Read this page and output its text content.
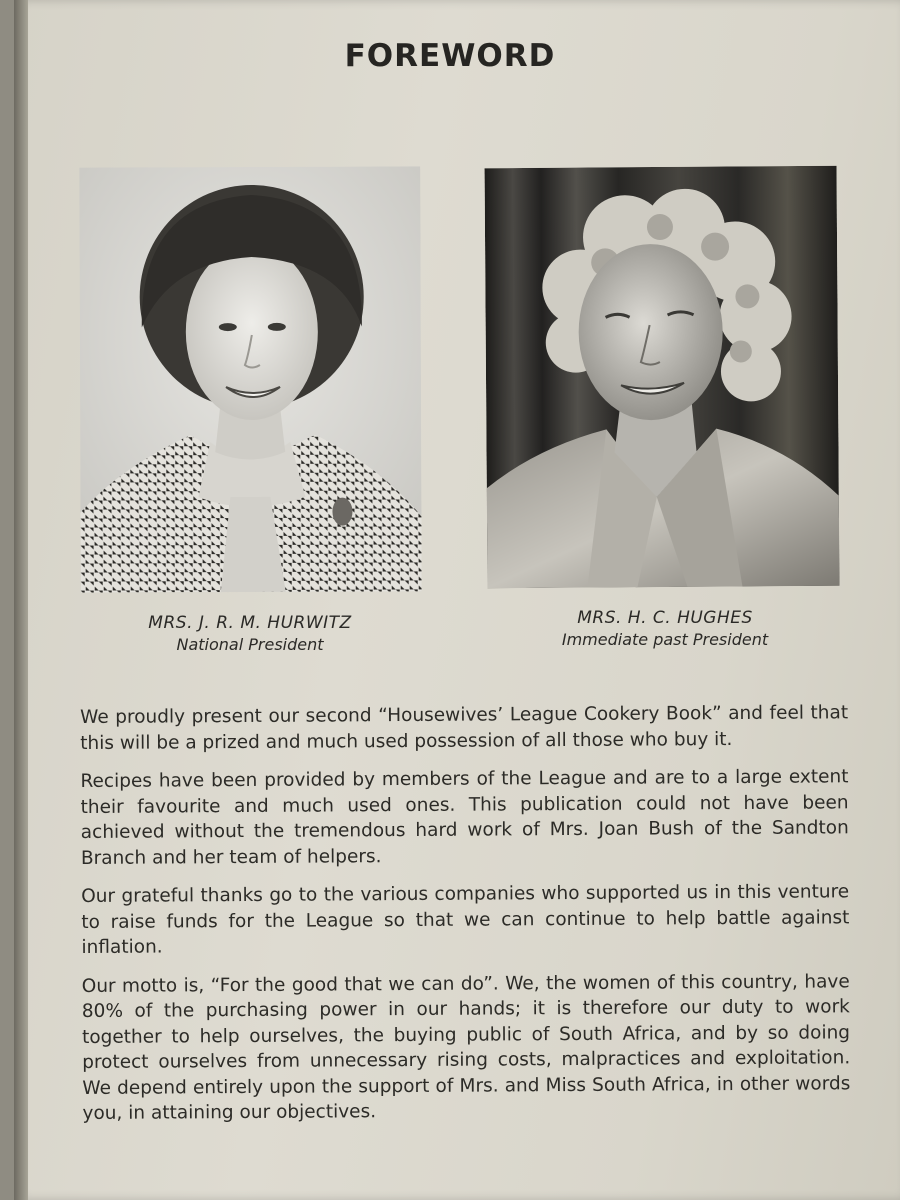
FOREWORD
MRS. J. R. M. HURWITZ
National President
MRS. H. C. HUGHES
Immediate past President

We proudly present our second “Housewives’ League Cookery Book” and feel that this will be a prized and much used possession of all those who buy it.

Recipes have been provided by members of the League and are to a large extent their favourite and much used ones. This publication could not have been achieved without the tremendous hard work of Mrs. Joan Bush of the Sandton Branch and her team of helpers.

Our grateful thanks go to the various companies who supported us in this venture to raise funds for the League so that we can continue to help battle against inflation.

Our motto is, “For the good that we can do”. We, the women of this country, have 80% of the purchasing power in our hands; it is therefore our duty to work together to help ourselves, the buying public of South Africa, and by so doing protect ourselves from unnecessary rising costs, malpractices and exploitation. We depend entirely upon the support of Mrs. and Miss South Africa, in other words you, in attaining our objectives.
